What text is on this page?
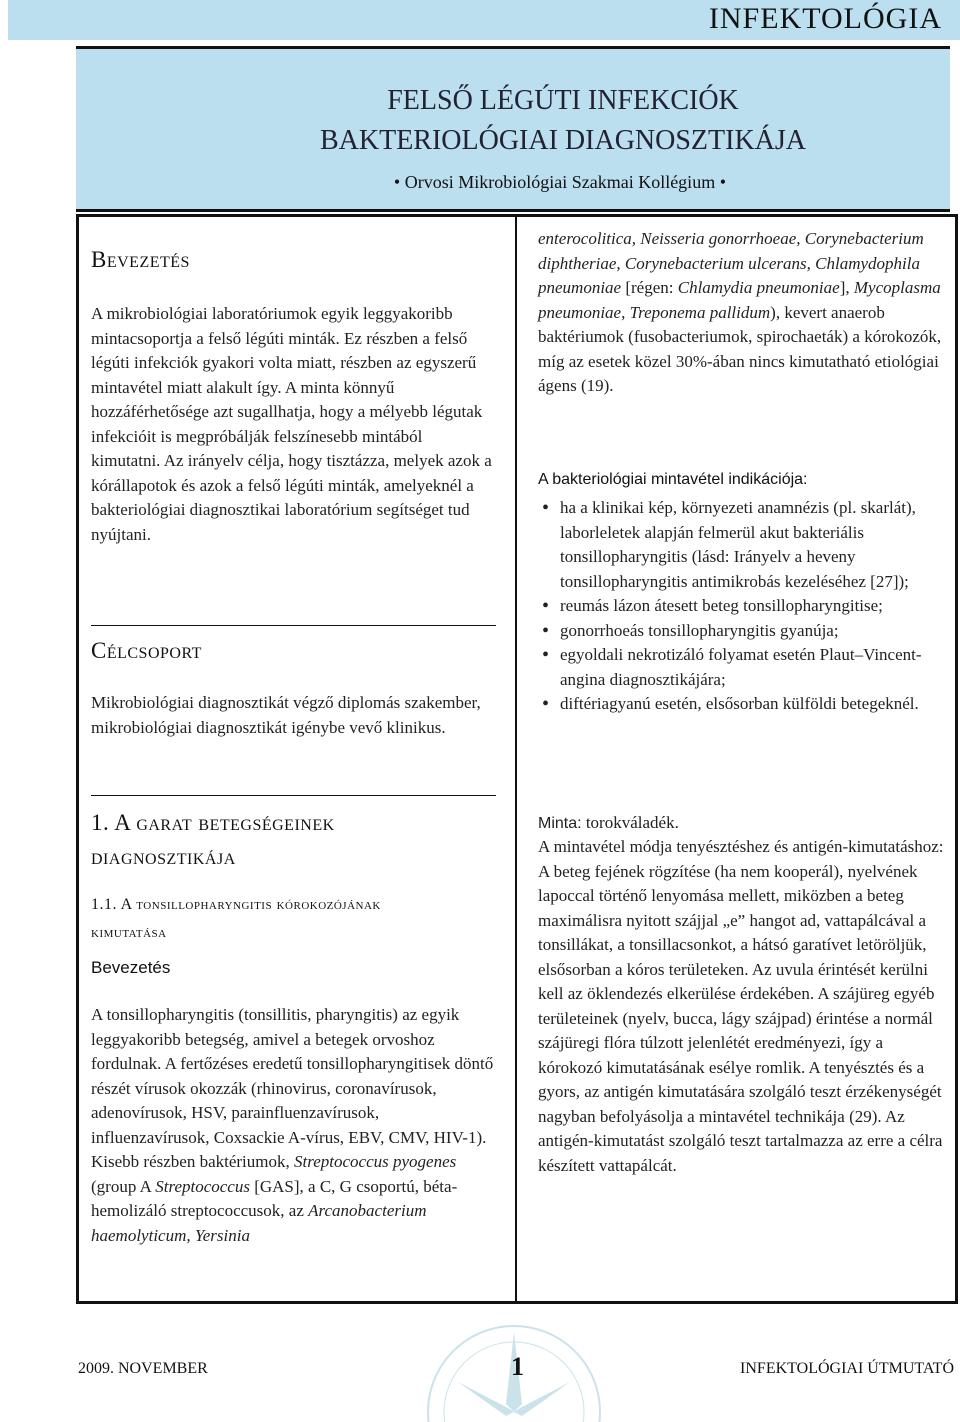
INFEKTOLÓGIA
FELSŐ LÉGÚTI INFEKCIÓK
BAKTERIOLÓGIAI DIAGNOSZTIKÁJA
• Orvosi Mikrobiológiai Szakmai Kollégium •
Bevezetés

A mikrobiológiai laboratóriumok egyik leggyakoribb mintacsoportja a felső légúti minták. Ez részben a felső légúti infekciók gyakori volta miatt, részben az egyszerű mintavétel miatt alakult így. A minta könnyű hozzáférhetősége azt sugallhatja, hogy a mélyebb légutak infekcióit is megpróbálják felszínesebb mintából kimutatni. Az irányelv célja, hogy tisztázza, melyek azok a kórállapotok és azok a felső légúti minták, amelyeknél a bakteriológiai diagnosztikai laboratórium segítséget tud nyújtani.

Célcsoport

Mikrobiológiai diagnosztikát végző diplomás szakember, mikrobiológiai diagnosztikát igénybe vevő klinikus.

1. A garat betegségeinek diagnosztikája
1.1. A tonsillopharyngitis kórokozójának kimutatása
Bevezetés

A tonsillopharyngitis (tonsillitis, pharyngitis) az egyik leggyakoribb betegség, amivel a betegek orvoshoz fordulnak. A fertőzéses eredetű tonsillopharyngitisek döntő részét vírusok okozzák (rhinovirus, coronavírusok, adenovírusok, HSV, parainfluenzavírusok, influenzavírusok, Coxsackie A-vírus, EBV, CMV, HIV-1). Kisebb részben baktériumok, Streptococcus pyogenes (group A Streptococcus [GAS], a C, G csoportú, béta-hemolizáló streptococcusok, az Arcanobacterium haemolyticum, Yersinia

enterocolitica, Neisseria gonorrhoeae, Corynebacterium diphtheriae, Corynebacterium ulcerans, Chlamydophila pneumoniae [régen: Chlamydia pneumoniae], Mycoplasma pneumoniae, Treponema pallidum), kevert anaerob baktériumok (fusobacteriumok, spirochaeták) a kórokozók, míg az esetek közel 30%-ában nincs kimutatható etiológiai ágens (19).

A bakteriológiai mintavétel indikációja:
• ha a klinikai kép, környezeti anamnézis (pl. skarlát), laborleletek alapján felmerül akut bakteriális tonsillopharyngitis (lásd: Irányelv a heveny tonsillopharyngitis antimikrobás kezeléséhez [27]);
• reumás lázon átesett beteg tonsillopharyngitise;
• gonorrhoeás tonsillopharyngitis gyanúja;
• egyoldali nekrotizáló folyamat esetén Plaut–Vincent-angina diagnosztikájára;
• diftériagyanú esetén, elsősorban külföldi betegeknél.

Minta: torokváladék.

A mintavétel módja tenyésztéshez és antigén-kimutatáshoz: A beteg fejének rögzítése (ha nem kooperál), nyelvének lapoccal történő lenyomása mellett, miközben a beteg maximálisra nyitott szájjal „e” hangot ad, vattapálcával a tonsillákat, a tonsillacsonkot, a hátsó garatívet letöröljük, elsősorban a kóros területeken. Az uvula érintését kerülni kell az öklendezés elkerülése érdekében. A szájüreg egyéb területeinek (nyelv, bucca, lágy szájpad) érintése a normál szájüregi flóra túlzott jelenlétét eredményezi, így a kórokozó kimutatásának esélye romlik. A tenyésztés és a gyors, az antigén kimutatására szolgáló teszt érzékenységét nagyban befolyásolja a mintavétel technikája (29). Az antigén-kimutatást szolgáló teszt tartalmazza az erre a célra készített vattapálcát.

2009. NOVEMBER	1	INFEKTOLÓGIAI ÚTMUTATÓ
